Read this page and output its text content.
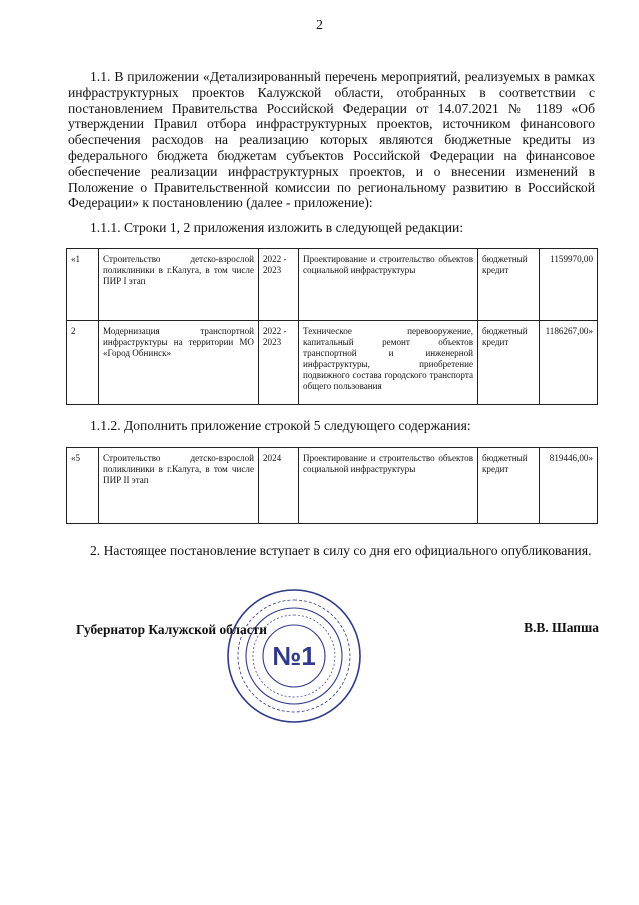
2
1.1. В приложении «Детализированный перечень мероприятий, реализуемых в рамках инфраструктурных проектов Калужской области, отобранных в соответствии с постановлением Правительства Российской Федерации от 14.07.2021 № 1189 «Об утверждении Правил отбора инфраструктурных проектов, источником финансового обеспечения расходов на реализацию которых являются бюджетные кредиты из федерального бюджета бюджетам субъектов Российской Федерации на финансовое обеспечение реализации инфраструктурных проектов, и о внесении изменений в Положение о Правительственной комиссии по региональному развитию в Российской Федерации» к постановлению (далее - приложение):
1.1.1. Строки 1, 2 приложения изложить в следующей редакции:
«1	Строительство детско-взрослой поликлиники в г.Калуга, в том числе ПИР I этап	2022 - 2023	Проектирование и строительство объектов социальной инфраструктуры	бюджетный кредит	1159970,00
2	Модернизация транспортной инфраструктуры на территории МО «Город Обнинск»	2022 - 2023	Техническое перевооружение, капитальный ремонт объектов транспортной и инженерной инфраструктуры, приобретение подвижного состава городского транспорта общего пользования	бюджетный кредит	1186267,00»
1.1.2. Дополнить приложение строкой 5 следующего содержания:
«5	Строительство детско-взрослой поликлиники в г.Калуга, в том числе ПИР II этап	2024	Проектирование и строительство объектов социальной инфраструктуры	бюджетный кредит	819446,00»
2. Настоящее постановление вступает в силу со дня его официального опубликования.
№1
Губернатор Калужской области	В.В. Шапша
